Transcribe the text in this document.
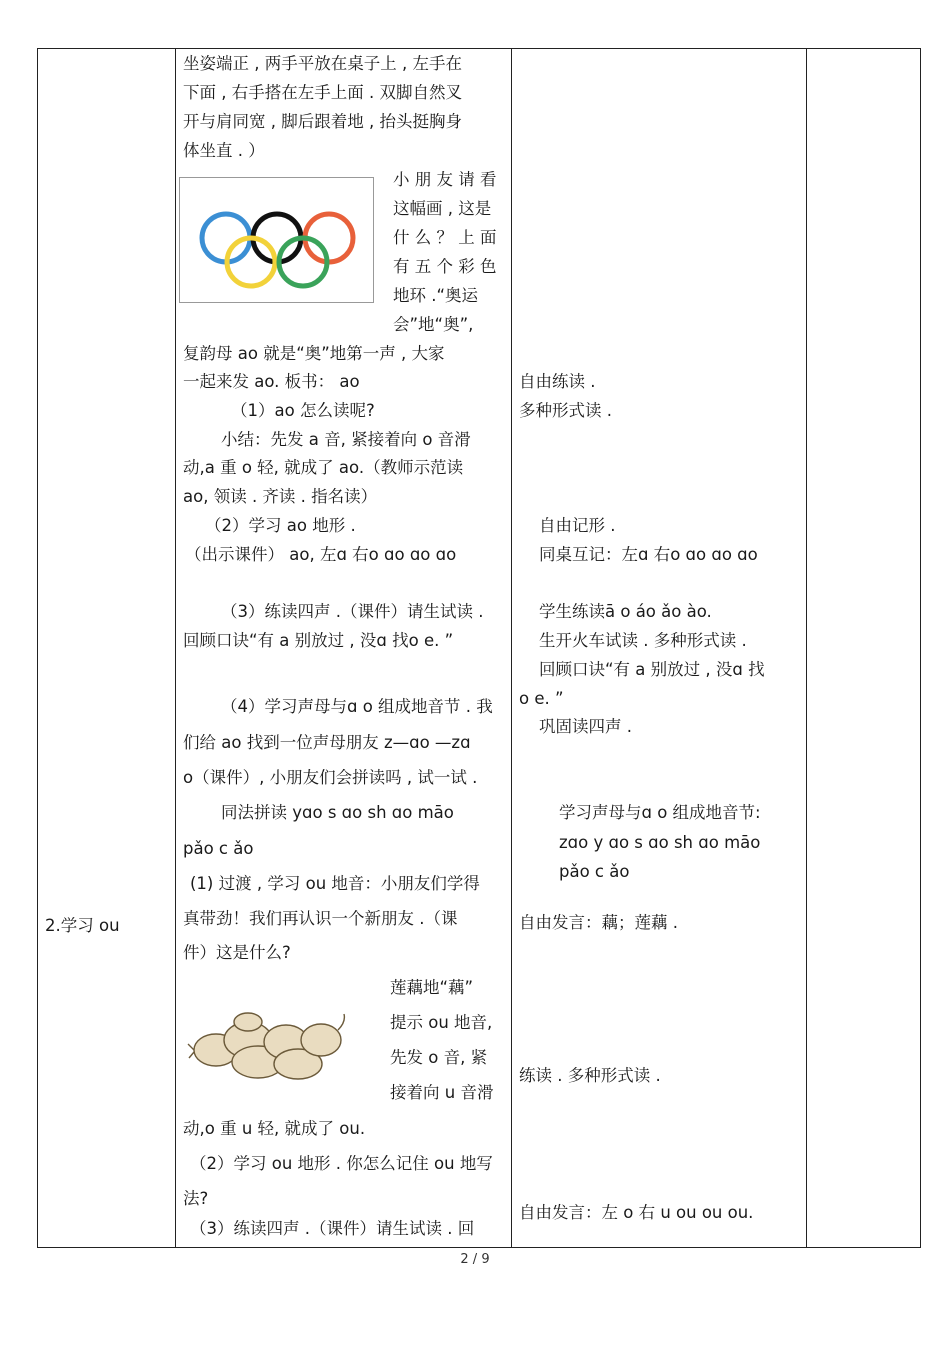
2.学习 ou
坐姿端正 , 两手平放在桌子上 , 左手在
下面 , 右手搭在左手上面 . 双脚自然叉
开与肩同宽 , 脚后跟着地 , 抬头挺胸身
体坐直 . ）
小 朋 友 请 看
这幅画 , 这是
什 么 ？ 上 面
有 五 个 彩 色
地环 .“奥运
会”地“奥”,
复韵母 ao 就是“奥”地第一声 , 大家
一起来发 ao. 板书： ao
（1）ao 怎么读呢?
小结：先发 a 音, 紧接着向 o 音滑
动,a 重 o 轻, 就成了 ao.（教师示范读
ao, 领读 . 齐读 . 指名读）
（2）学习 ao 地形 .
（出示课件） ao, 左ɑ 右o ɑo ɑo ɑo
（3）练读四声 .（课件）请生试读 .
回顾口诀“有 a 别放过 , 没ɑ 找o e. ”
（4）学习声母与ɑ o 组成地音节 . 我
们给 ao 找到一位声母朋友 z—ɑo —zɑ
o（课件）, 小朋友们会拼读吗 , 试一试 .
同法拼读 yɑo s ɑo sh ɑo māo
pǎo c ǎo
(1) 过渡 , 学习 ou 地音：小朋友们学得
真带劲！我们再认识一个新朋友 .（课
件）这是什么?
莲藕地“藕”
提示 ou 地音,
先发 o 音, 紧
接着向 u 音滑
动,o 重 u 轻, 就成了 ou.
（2）学习 ou 地形 . 你怎么记住 ou 地写
法?
（3）练读四声 .（课件）请生试读 . 回
自由练读 .
多种形式读 .
自由记形 .
同桌互记：左ɑ 右o ɑo ɑo ɑo
学生练读ā o áo ǎo ào.
生开火车试读 . 多种形式读 .
回顾口诀“有 a 别放过 , 没ɑ 找
o e. ”
巩固读四声 .
学习声母与ɑ o 组成地音节:
zɑo y ɑo s ɑo sh ɑo māo
pǎo c ǎo
自由发言：藕；莲藕 .
练读 . 多种形式读 .
自由发言：左 o 右 u ou ou ou.
2 / 9
